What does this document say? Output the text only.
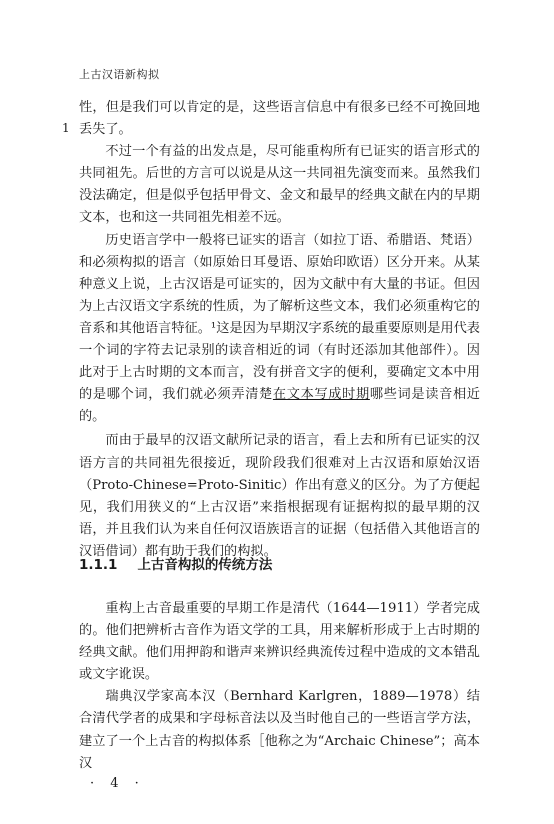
上古汉语新构拟
1

性，但是我们可以肯定的是，这些语言信息中有很多已经不可挽回地丢失了。

不过一个有益的出发点是，尽可能重构所有已证实的语言形式的共同祖先。后世的方言可以说是从这一共同祖先演变而来。虽然我们没法确定，但是似乎包括甲骨文、金文和最早的经典文献在内的早期文本，也和这一共同祖先相差不远。

历史语言学中一般将已证实的语言（如拉丁语、希腊语、梵语）和必须构拟的语言（如原始日耳曼语、原始印欧语）区分开来。从某种意义上说，上古汉语是可证实的，因为文献中有大量的书证。但因为上古汉语文字系统的性质，为了解析这些文本，我们必须重构它的音系和其他语言特征。¹这是因为早期汉字系统的最重要原则是用代表一个词的字符去记录别的读音相近的词（有时还添加其他部件）。因此对于上古时期的文本而言，没有拼音文字的便利，要确定文本中用的是哪个词，我们就必须弄清楚在文本写成时期哪些词是读音相近的。

而由于最早的汉语文献所记录的语言，看上去和所有已证实的汉语方言的共同祖先很接近，现阶段我们很难对上古汉语和原始汉语（Proto-Chinese=Proto-Sinitic）作出有意义的区分。为了方便起见，我们用狭义的“上古汉语”来指根据现有证据构拟的最早期的汉语，并且我们认为来自任何汉语族语言的证据（包括借入其他语言的汉语借词）都有助于我们的构拟。

1.1.1 上古音构拟的传统方法

重构上古音最重要的早期工作是清代（1644—1911）学者完成的。他们把辨析古音作为语文学的工具，用来解析形成于上古时期的经典文献。他们用押韵和谐声来辨识经典流传过程中造成的文本错乱或文字讹误。

瑞典汉学家高本汉（Bernhard Karlgren，1889—1978）结合清代学者的成果和字母标音法以及当时他自己的一些语言学方法，建立了一个上古音的构拟体系［他称之为“Archaic Chinese”；高本汉

· 4 ·
